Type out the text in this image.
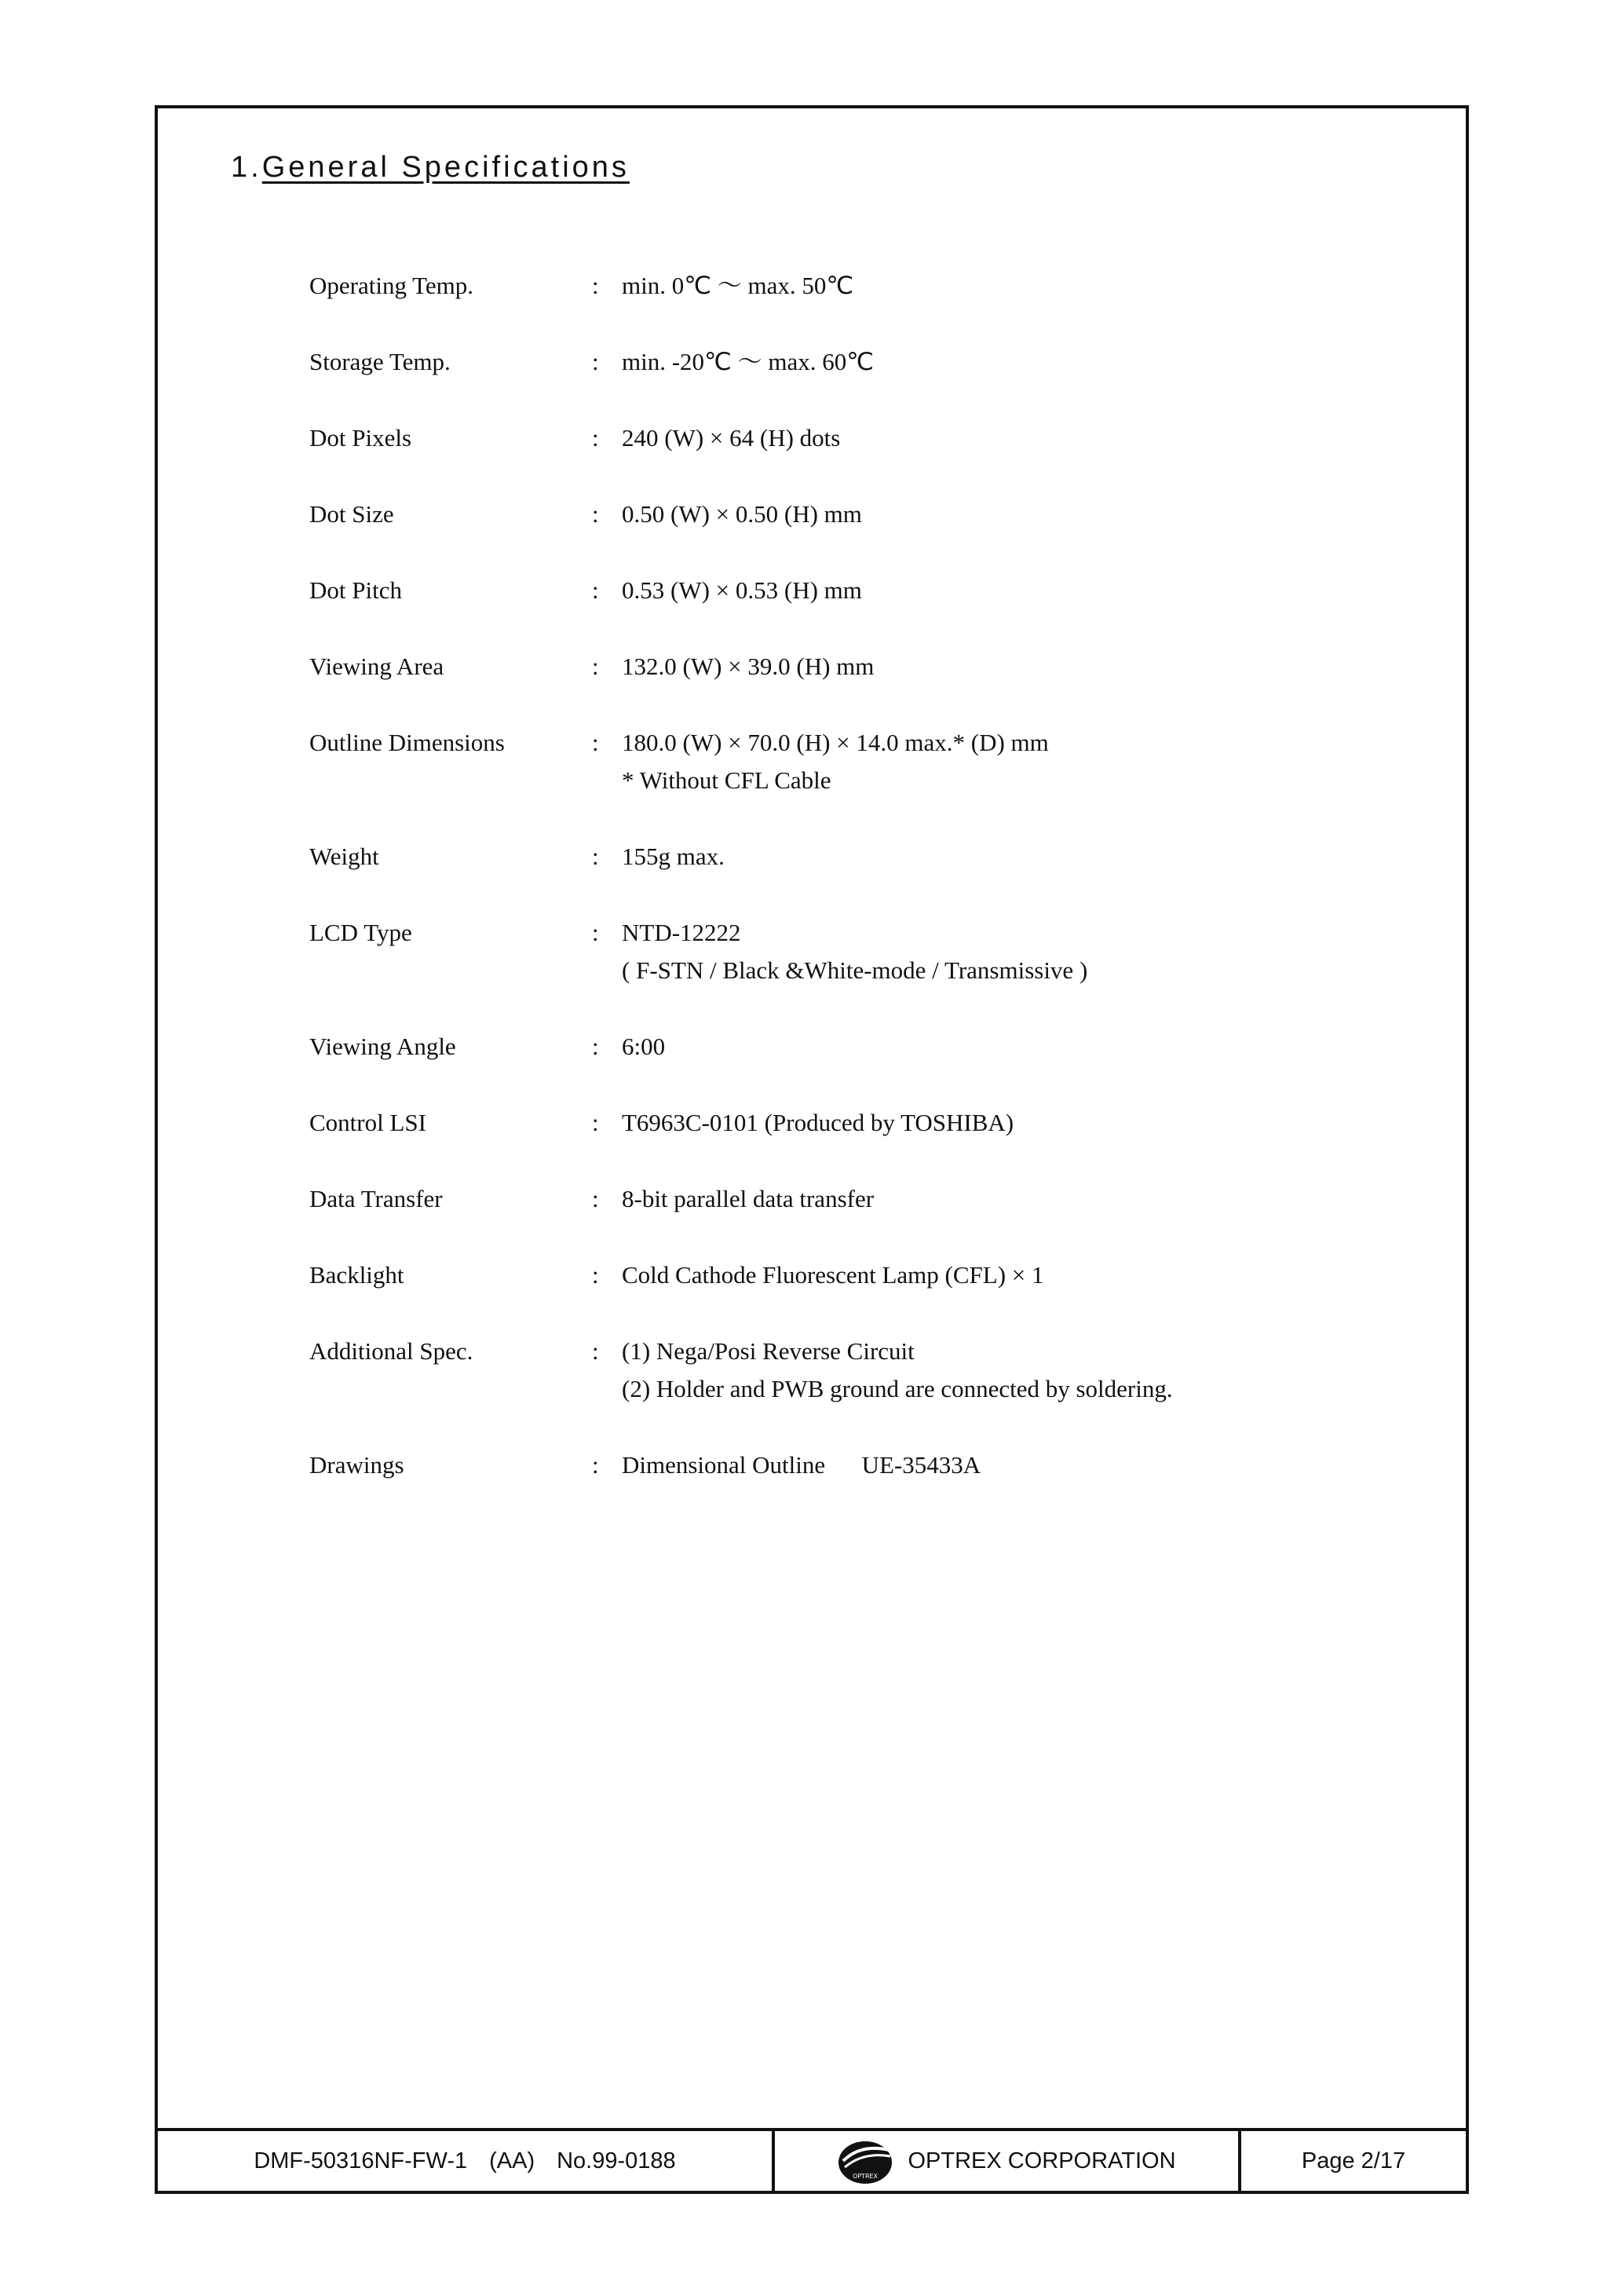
1.General Specifications
Operating Temp.	: min. 0℃ ～ max. 50℃
Storage Temp.	: min. -20℃ ～ max. 60℃
Dot Pixels	: 240 (W) × 64 (H) dots
Dot Size	: 0.50 (W) × 0.50 (H) mm
Dot Pitch	: 0.53 (W) × 0.53 (H) mm
Viewing Area	: 132.0 (W) × 39.0 (H) mm
Outline Dimensions	: 180.0 (W) × 70.0 (H) × 14.0 max.* (D) mm
* Without CFL Cable
Weight	: 155g max.
LCD Type	: NTD-12222
( F-STN / Black &White-mode / Transmissive )
Viewing Angle	: 6:00
Control LSI	: T6963C-0101 (Produced by TOSHIBA)
Data Transfer	: 8-bit parallel data transfer
Backlight	: Cold Cathode Fluorescent Lamp (CFL) × 1
Additional Spec.	: (1) Nega/Posi Reverse Circuit
(2) Holder and PWB ground are connected by soldering.
Drawings	: Dimensional Outline      UE-35433A
DMF-50316NF-FW-1 (AA) No.99-0188
OPTREX
OPTREX CORPORATION	Page 2/17
